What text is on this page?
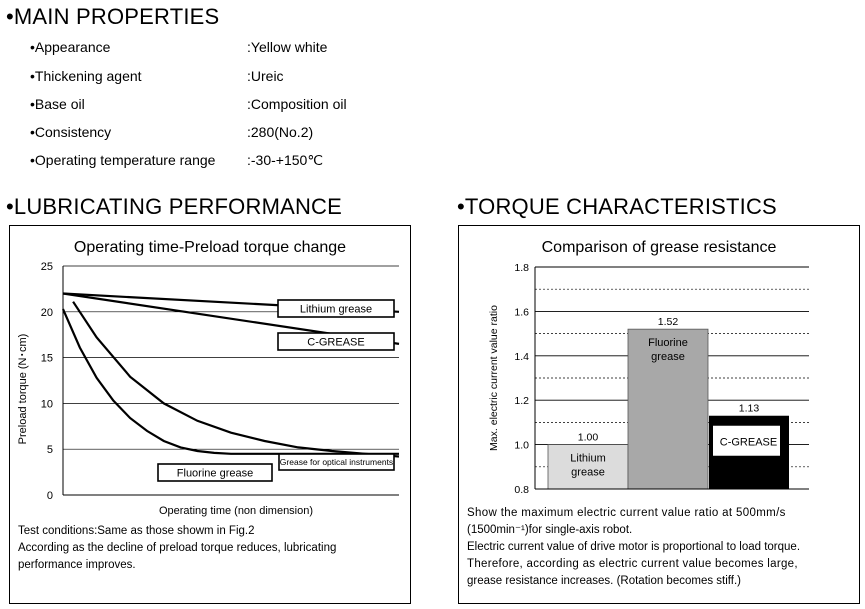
•MAIN PROPERTIES
•Appearance	:Yellow white
•Thickening agent	:Ureic
•Base oil	:Composition oil
•Consistency	:280(No.2)
•Operating temperature range :-30-+150℃
•LUBRICATING PERFORMANCE	•TORQUE CHARACTERISTICS
Operating time-Preload torque change
0
5
10
15
20
25
Lithium grease
C-GREASE
Grease for optical instruments
Fluorine grease
Operating time (non dimension)
Preload torque (N･cm)
Test conditions:Same as those showm in Fig.2
According as the decline of preload torque reduces, lubricating
performance improves.
Comparison of grease resistance
1.00
Lithium
grease
1.52
Fluorine
grease
1.13
C-GREASE
0.8
1.0
1.2
1.4
1.6
1.8
Max. electric current value ratio
Show the maximum electric current value ratio at 500mm/s
(1500min⁻¹)for single-axis robot.
Electric current value of drive motor is proportional to load torque.
Therefore, according as electric current value becomes large,
grease resistance increases. (Rotation becomes stiff.)
